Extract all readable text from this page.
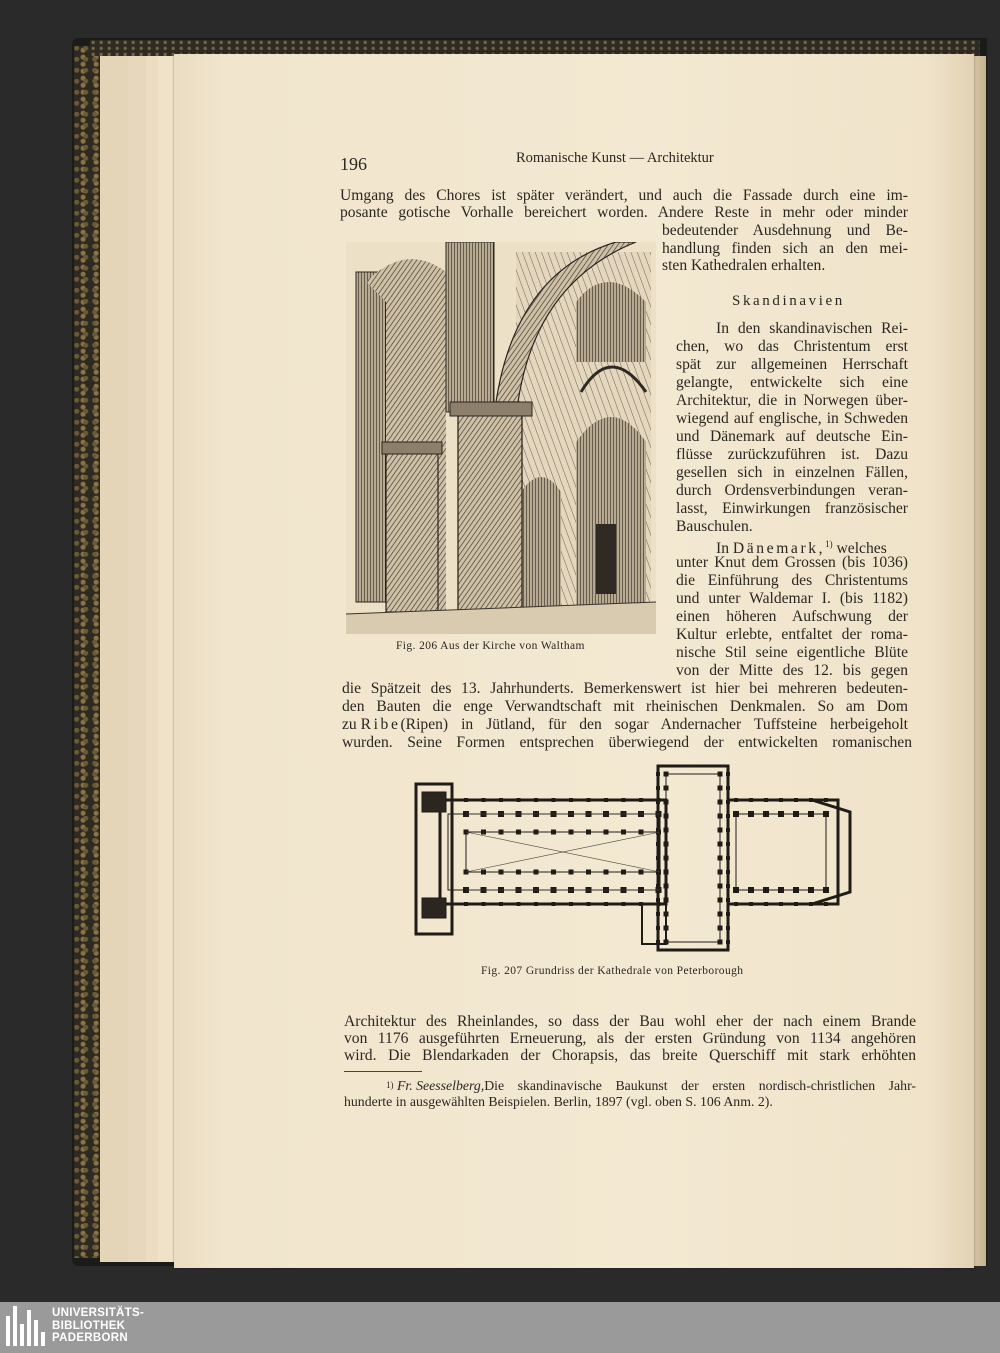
196	Romanische Kunst — Architektur
Umgang des Chores ist später verändert, und auch die Fassade durch eine im-
posante gotische Vorhalle bereichert worden. Andere Reste in mehr oder minder
bedeutender Ausdehnung und Be-
handlung finden sich an den mei-
sten Kathedralen erhalten.
Skandinavien
In den skandinavischen Rei-
chen, wo das Christentum erst
spät zur allgemeinen Herrschaft
gelangte, entwickelte sich eine
Architektur, die in Norwegen über-
wiegend auf englische, in Schweden
und Dänemark auf deutsche Ein-
flüsse zurückzuführen ist. Dazu
gesellen sich in einzelnen Fällen,
durch Ordensverbindungen veran-
lasst, Einwirkungen französischer
Bauschulen.
In Dänemark,$^{1)}$ welches
unter Knut dem Grossen (bis 1036)
die Einführung des Christentums
und unter Waldemar I. (bis 1182)
einen höheren Aufschwung der
Kultur erlebte, entfaltet der roma-
nische Stil seine eigentliche Blüte
von der Mitte des 12. bis gegen
Fig. 206 Aus der Kirche von Waltham
die Spätzeit des 13. Jahrhunderts. Bemerkenswert ist hier bei mehreren bedeuten-
den Bauten die enge Verwandtschaft mit rheinischen Denkmalen. So am Dom
zu
Ribe (Ripen) in Jütland, für den sogar Andernacher Tuffsteine herbeigeholt
wurden. Seine Formen entsprechen überwiegend der entwickelten romanischen
Fig. 207 Grundriss der Kathedrale von Peterborough
Architektur des Rheinlandes, so dass der Bau wohl eher der nach einem Brande
von 1176 ausgeführten Erneuerung, als der ersten Gründung von 1134 angehören
wird. Die Blendarkaden der Chorapsis, das breite Querschiff mit stark erhöhten
1)
Fr. Seesselberg, Die skandinavische Baukunst der ersten nordisch-christlichen Jahr-
hunderte in ausgewählten Beispielen. Berlin, 1897 (vgl. oben S. 106 Anm. 2).
UNIVERSITÄTS-
BIBLIOTHEK
PADERBORN
